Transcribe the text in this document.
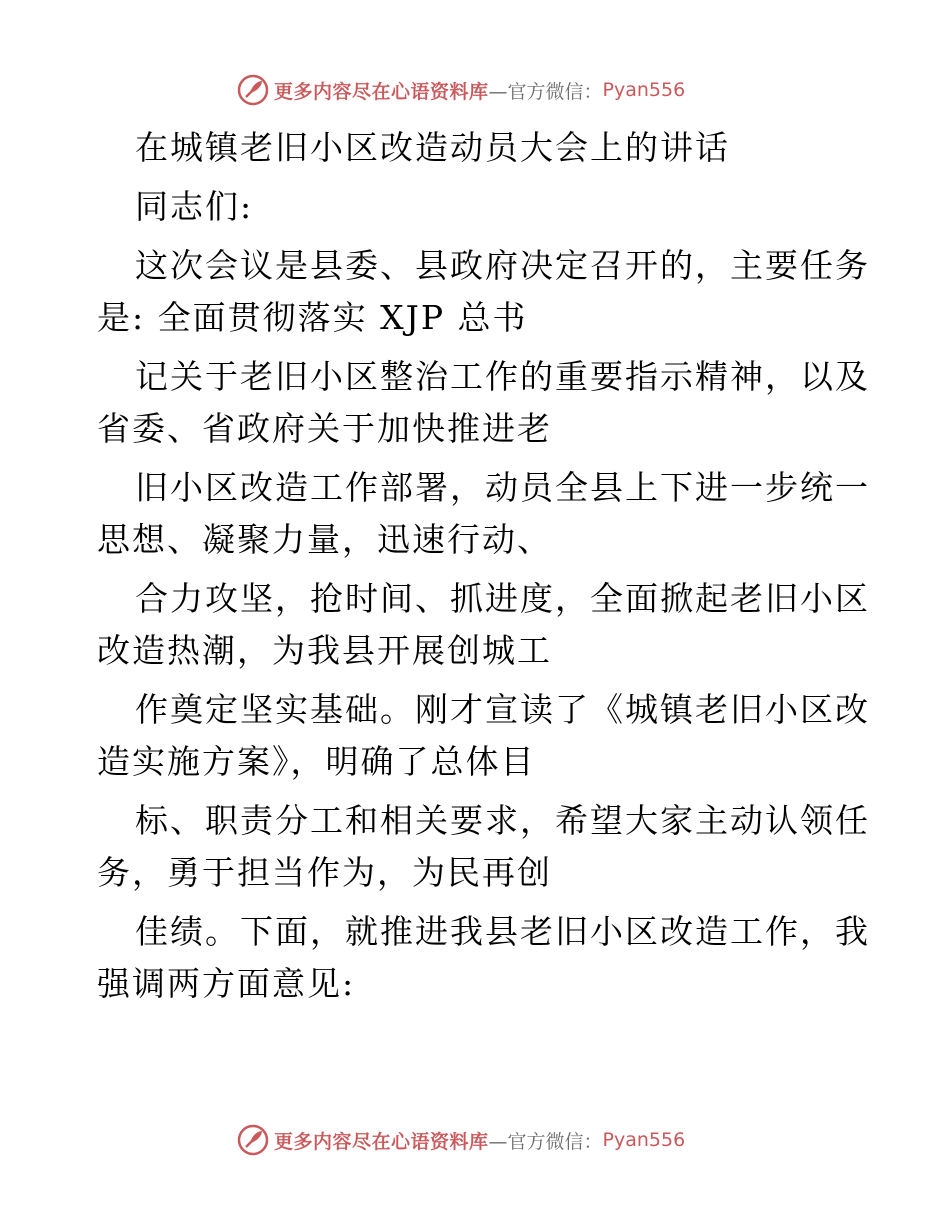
更多内容尽在心语资料库 —官方微信： Pyan556
在城镇老旧小区改造动员大会上的讲话
同志们:
这次会议是县委、县政府决定召开的，主要任务
是: 全面贯彻落实 XJP 总书
记关于老旧小区整治工作的重要指示精神，以及
省委、省政府关于加快推进老
旧小区改造工作部署，动员全县上下进一步统一
思想、凝聚力量，迅速行动、
合力攻坚，抢时间、抓进度，全面掀起老旧小区
改造热潮，为我县开展创城工
作奠定坚实基础。刚才宣读了《城镇老旧小区改
造实施方案》，明确了总体目
标、职责分工和相关要求，希望大家主动认领任
务，勇于担当作为，为民再创
佳绩。下面，就推进我县老旧小区改造工作，我
强调两方面意见:
更多内容尽在心语资料库 —官方微信： Pyan556
